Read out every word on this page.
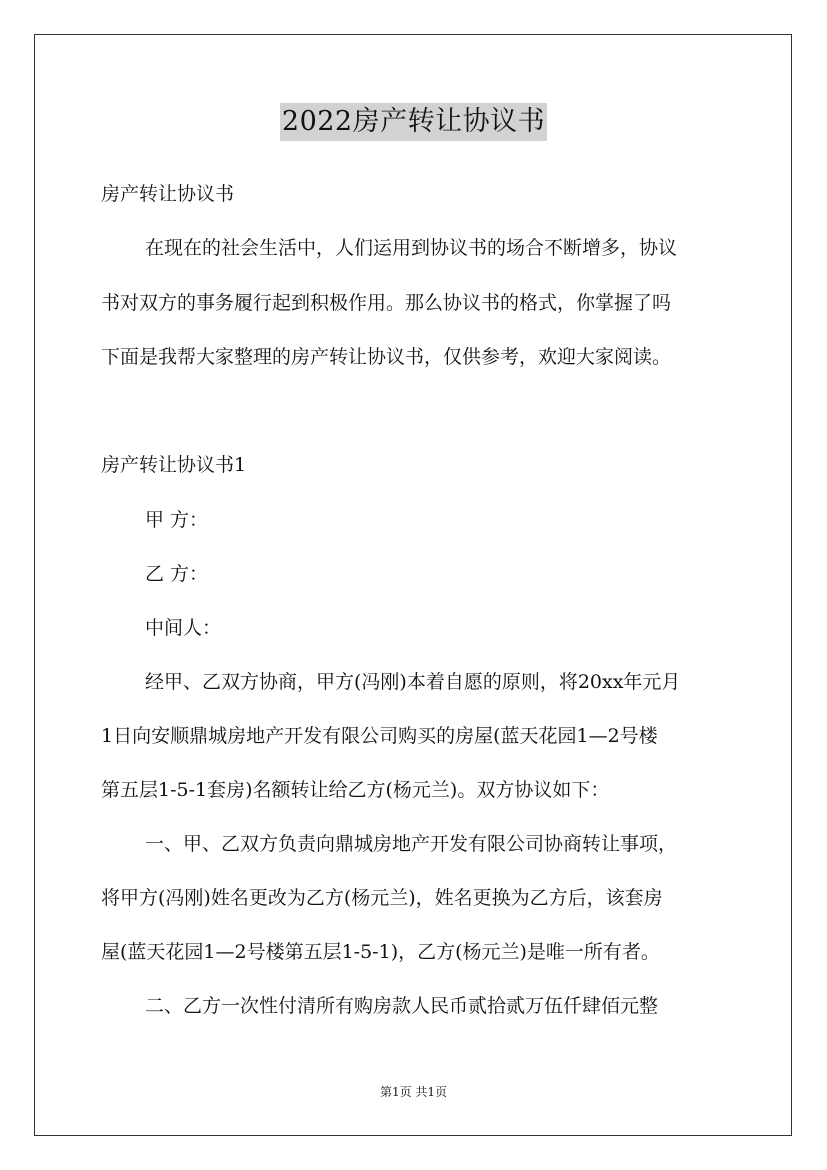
2022房产转让协议书
房产转让协议书
在现在的社会生活中，人们运用到协议书的场合不断增多，协议
书对双方的事务履行起到积极作用。那么协议书的格式，你掌握了吗
下面是我帮大家整理的房产转让协议书，仅供参考，欢迎大家阅读。
房产转让协议书1
甲 方：
乙 方：
中间人：
经甲、乙双方协商，甲方(冯刚)本着自愿的原则，将20xx年元月
1日向安顺鼎城房地产开发有限公司购买的房屋(蓝天花园1—2号楼
第五层1-5-1套房)名额转让给乙方(杨元兰)。双方协议如下：
一、甲、乙双方负责向鼎城房地产开发有限公司协商转让事项，
将甲方(冯刚)姓名更改为乙方(杨元兰)，姓名更换为乙方后，该套房
屋(蓝天花园1—2号楼第五层1-5-1)，乙方(杨元兰)是唯一所有者。
二、乙方一次性付清所有购房款人民币贰拾贰万伍仟肆佰元整
第1页 共1页
